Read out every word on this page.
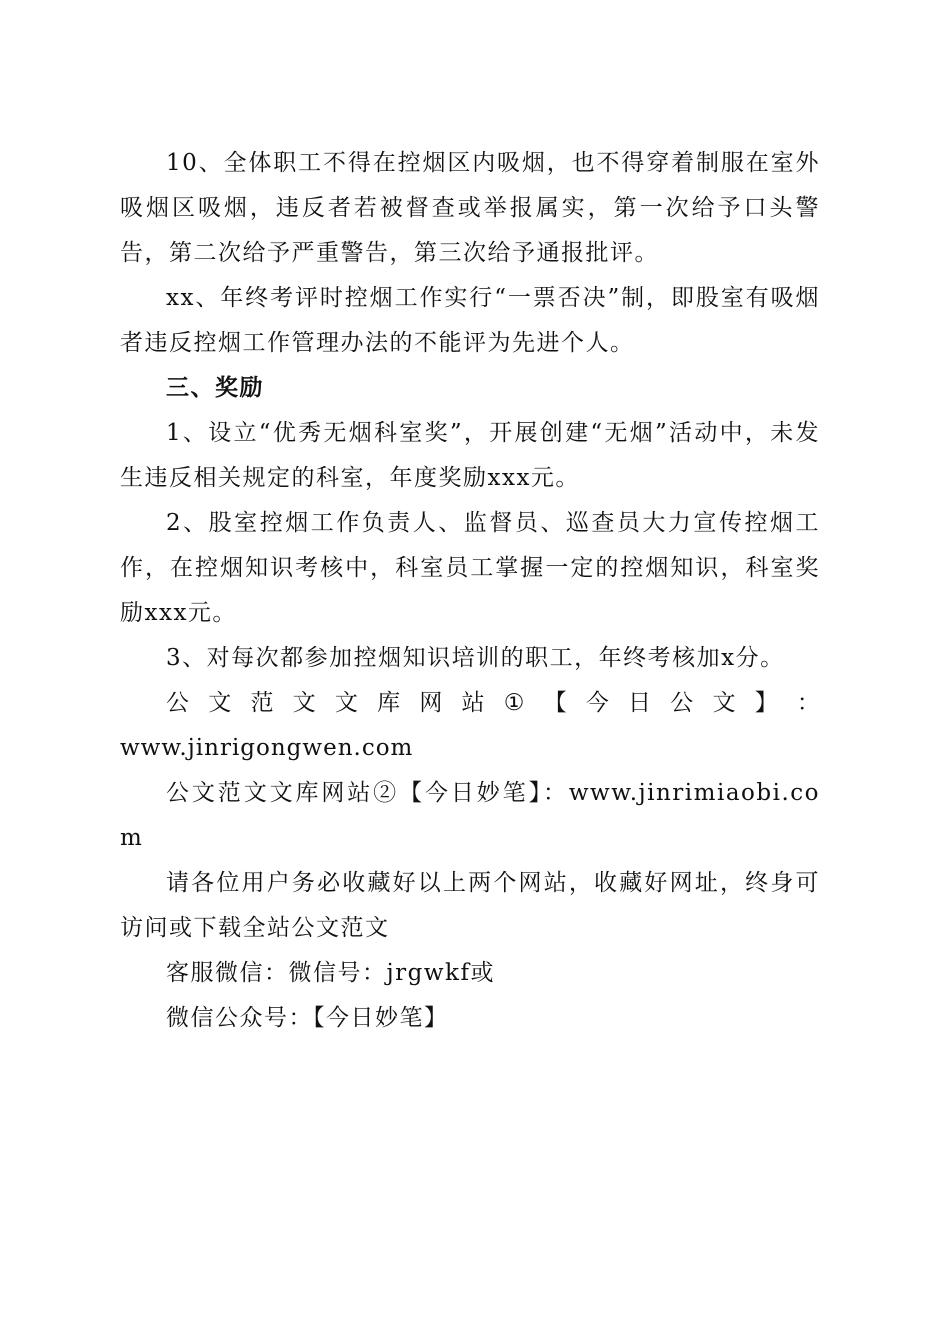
10、全体职工不得在控烟区内吸烟，也不得穿着制服在室外吸烟区吸烟，违反者若被督查或举报属实，第一次给予口头警告，第二次给予严重警告，第三次给予通报批评。

xx、年终考评时控烟工作实行“一票否决”制，即股室有吸烟者违反控烟工作管理办法的不能评为先进个人。

三、奖励

1、设立“优秀无烟科室奖”，开展创建“无烟”活动中，未发生违反相关规定的科室，年度奖励xxx元。

2、股室控烟工作负责人、监督员、巡查员大力宣传控烟工作，在控烟知识考核中，科室员工掌握一定的控烟知识，科室奖励xxx元。

3、对每次都参加控烟知识培训的职工，年终考核加x分。

公 文 范 文 文 库 网 站 ① 【 今 日 公 文 】 ：

www.jinrigongwen.com

公文范文文库网站②【今日妙笔】：www.jinrimiaobi.com

请各位用户务必收藏好以上两个网站，收藏好网址，终身可访问或下载全站公文范文

客服微信：微信号：jrgwkf或

微信公众号：【今日妙笔】
